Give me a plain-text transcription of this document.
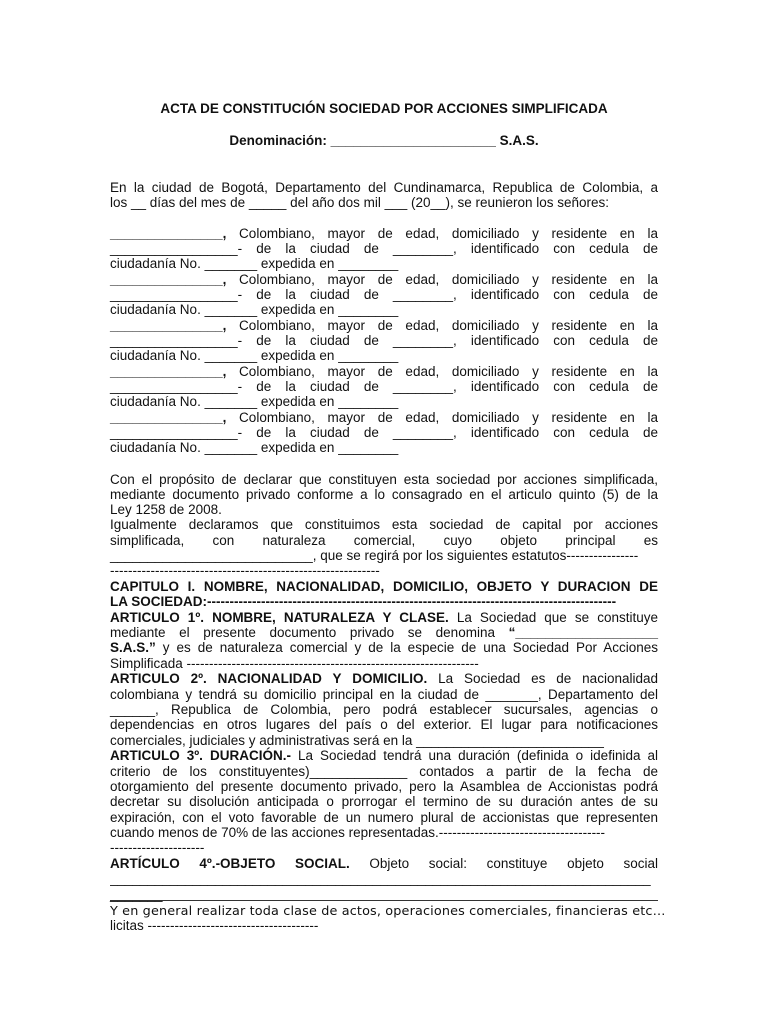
ACTA DE CONSTITUCIÓN SOCIEDAD POR ACCIONES SIMPLIFICADA
Denominación: ______________________ S.A.S.
En la ciudad de Bogotá, Departamento del Cundinamarca, Republica de Colombia, a
los __ días del mes de _____ del año dos mil ___ (20__), se reunieron los señores:
_______________, Colombiano, mayor de edad, domiciliado y residente en la
_________________- de la ciudad de ________, identificado con cedula de
ciudadanía No. _______ expedida en ________
_______________, Colombiano, mayor de edad, domiciliado y residente en la
_________________- de la ciudad de ________, identificado con cedula de
ciudadanía No. _______ expedida en ________
_______________, Colombiano, mayor de edad, domiciliado y residente en la
_________________- de la ciudad de ________, identificado con cedula de
ciudadanía No. _______ expedida en ________
_______________, Colombiano, mayor de edad, domiciliado y residente en la
_________________- de la ciudad de ________, identificado con cedula de
ciudadanía No. _______ expedida en ________
_______________, Colombiano, mayor de edad, domiciliado y residente en la
_________________- de la ciudad de ________, identificado con cedula de
ciudadanía No. _______ expedida en ________
Con el propósito de declarar que constituyen esta sociedad por acciones simplificada,
mediante documento privado conforme a lo consagrado en el articulo quinto (5) de la
Ley 1258 de 2008.
Igualmente declaramos que constituimos esta sociedad de capital por acciones
simplificada, con naturaleza comercial, cuyo objeto principal es
___________________________, que se regirá por los siguientes estatutos----------------
------------------------------------------------------------
CAPITULO I. NOMBRE, NACIONALIDAD, DOMICILIO, OBJETO Y DURACION DE
LA SOCIEDAD:-------------------------------------------------------------------------------------------
ARTICULO 1º. NOMBRE, NATURALEZA Y CLASE. La Sociedad que se constituye
mediante el presente documento privado se denomina “___________________
S.A.S.” y es de naturaleza comercial y de la especie de una Sociedad Por Acciones
Simplificada -----------------------------------------------------------------
ARTICULO 2º. NACIONALIDAD Y DOMICILIO. La Sociedad es de nacionalidad
colombiana y tendrá su domicilio principal en la ciudad de _______, Departamento del
______, Republica de Colombia, pero podrá establecer sucursales, agencias o
dependencias en otros lugares del país o del exterior. El lugar para notificaciones
comerciales, judiciales y administrativas será en la _________________________
ARTICULO 3º. DURACIÓN.- La Sociedad tendrá una duración (definida o idefinida al
criterio de los constituyentes)_____________ contados a partir de la fecha de
otorgamiento del presente documento privado, pero la Asamblea de Accionistas podrá
decretar su disolución anticipada o prorrogar el termino de su duración antes de su
expiración, con el voto favorable de un numero plural de accionistas que representen
cuando menos de 70% de las acciones representadas.-------------------------------------
---------------------
ARTÍCULO 4º.-OBJETO SOCIAL. Objeto social: constituye objeto social
________________________________________________________________________
_______
Y en general realizar toda clase de actos, operaciones comerciales, financieras etc…
licitas --------------------------------------
